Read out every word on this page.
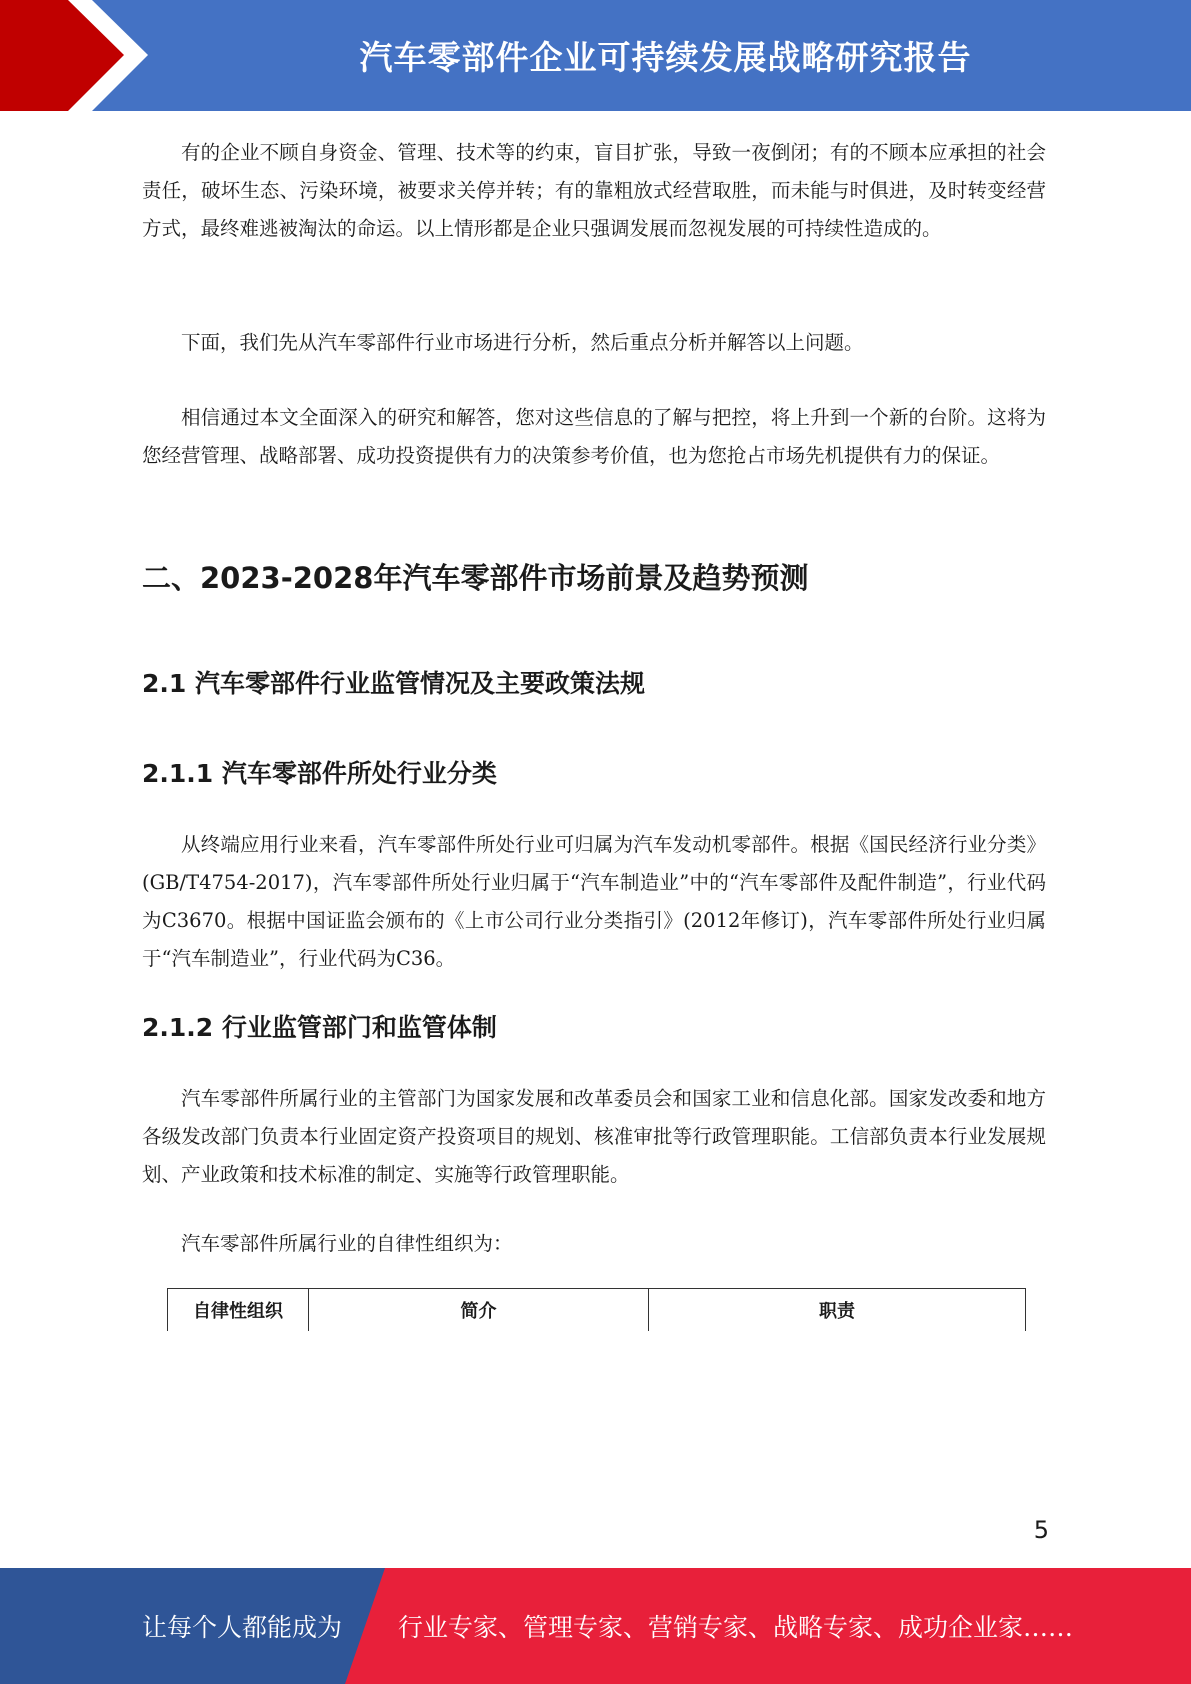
汽车零部件企业可持续发展战略研究报告

有的企业不顾自身资金、管理、技术等的约束，盲目扩张，导致一夜倒闭；有的不顾本应承担的社会责任，破坏生态、污染环境，被要求关停并转；有的靠粗放式经营取胜，而未能与时俱进，及时转变经营方式，最终难逃被淘汰的命运。以上情形都是企业只强调发展而忽视发展的可持续性造成的。

下面，我们先从汽车零部件行业市场进行分析，然后重点分析并解答以上问题。

相信通过本文全面深入的研究和解答，您对这些信息的了解与把控，将上升到一个新的台阶。这将为您经营管理、战略部署、成功投资提供有力的决策参考价值，也为您抢占市场先机提供有力的保证。

二、2023-2028年汽车零部件市场前景及趋势预测
2.1 汽车零部件行业监管情况及主要政策法规
2.1.1 汽车零部件所处行业分类

从终端应用行业来看，汽车零部件所处行业可归属为汽车发动机零部件。根据《国民经济行业分类》(GB/T4754-2017)，汽车零部件所处行业归属于“汽车制造业”中的“汽车零部件及配件制造”，行业代码为C3670。根据中国证监会颁布的《上市公司行业分类指引》(2012年修订)，汽车零部件所处行业归属于“汽车制造业”，行业代码为C36。

2.1.2 行业监管部门和监管体制

汽车零部件所属行业的主管部门为国家发展和改革委员会和国家工业和信息化部。国家发改委和地方各级发改部门负责本行业固定资产投资项目的规划、核准审批等行政管理职能。工信部负责本行业发展规划、产业政策和技术标准的制定、实施等行政管理职能。

汽车零部件所属行业的自律性组织为：

自律性组织	简介	职责
5
让每个人都能成为 行业专家、管理专家、营销专家、战略专家、成功企业家……
